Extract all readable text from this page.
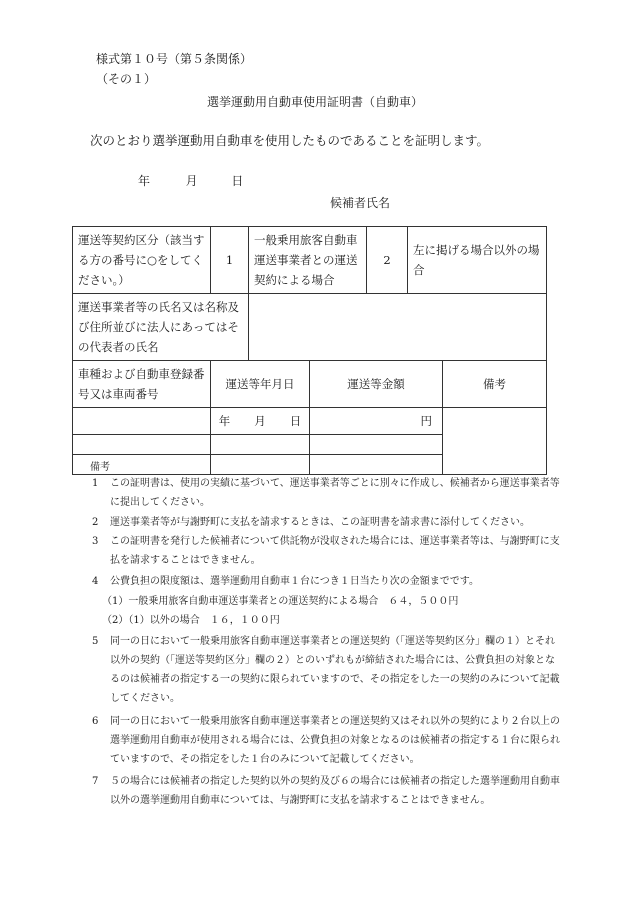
様式第１０号（第５条関係）
（その１）
選挙運動用自動車使用証明書（自動車）
次のとおり選挙運動用自動車を使用したものであることを証明します。
年	月	日
候補者氏名
運送等契約区分（該当する方の番号に○をしてください。）	1	一般乗用旅客自動車運送事業者との運送契約による場合		2	左に掲げる場合以外の場合	
運送事業者等の氏名又は名称及び住所並びに法人にあってはその代表者の氏名						
車種および自動車登録番号又は車両番号	運送等年月日		運送等金額			備考
	年 月 日		円			

備考
1 この証明書は、使用の実績に基づいて、運送事業者等ごとに別々に作成し、候補者から運送事業者等に提出してください。
2 運送事業者等が与謝野町に支払を請求するときは、この証明書を請求書に添付してください。
3 この証明書を発行した候補者について供託物が没収された場合には、運送事業者等は、与謝野町に支払を請求することはできません。
4 公費負担の限度額は、選挙運動用自動車１台につき１日当たり次の金額までです。
（1）一般乗用旅客自動車運送事業者との運送契約による場合　６４，５００円
（2）（1）以外の場合　１６，１００円
5 同一の日において一般乗用旅客自動車運送事業者との運送契約（「運送等契約区分」欄の１）とそれ以外の契約（「運送等契約区分」欄の２）とのいずれもが締結された場合には、公費負担の対象となるのは候補者の指定する一の契約に限られていますので、その指定をした一の契約のみについて記載してください。
6 同一の日において一般乗用旅客自動車運送事業者との運送契約又はそれ以外の契約により２台以上の選挙運動用自動車が使用される場合には、公費負担の対象となるのは候補者の指定する１台に限られていますので、その指定をした１台のみについて記載してください。
7 ５の場合には候補者の指定した契約以外の契約及び６の場合には候補者の指定した選挙運動用自動車以外の選挙運動用自動車については、与謝野町に支払を請求することはできません。
